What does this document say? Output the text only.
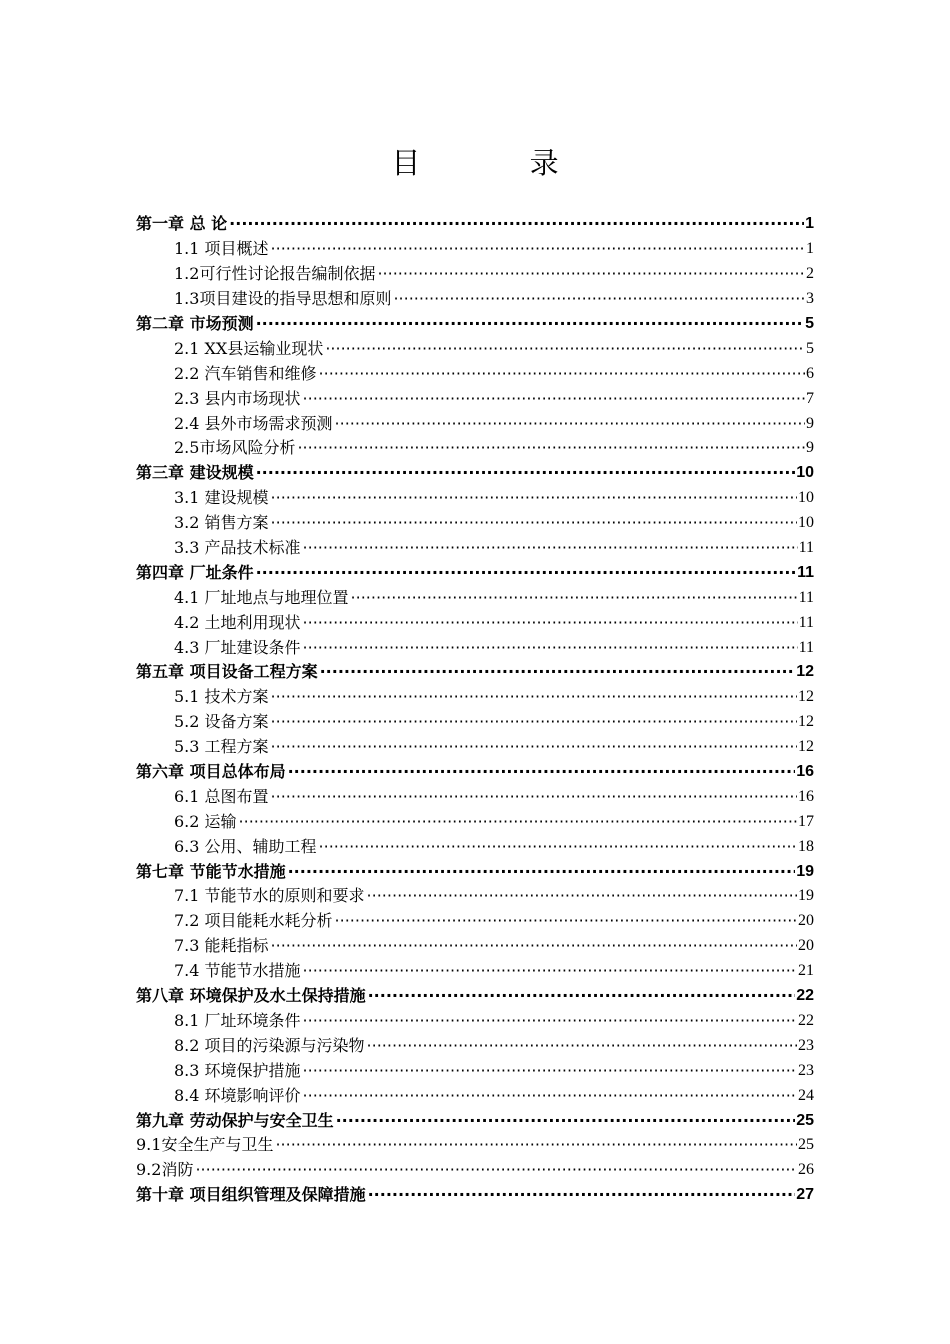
目 录
第一章 总 论 ·····	1
1.1 项目概述 ·····	1
1.2可行性讨论报告编制依据 ·····	2
1.3项目建设的指导思想和原则 ·····	3
第二章 市场预测 ·····	5
2.1 XX县运输业现状 ·····	5
2.2 汽车销售和维修 ·····	6
2.3 县内市场现状 ·····	7
2.4 县外市场需求预测 ·····	9
2.5市场风险分析 ·····	9
第三章 建设规模 ·····	10
3.1 建设规模 ·····	10
3.2 销售方案 ·····	10
3.3 产品技术标准 ·····	11
第四章 厂址条件 ·····	11
4.1 厂址地点与地理位置 ·····	11
4.2 土地利用现状 ·····	11
4.3 厂址建设条件 ·····	11
第五章 项目设备工程方案 ·····	12
5.1 技术方案 ·····	12
5.2 设备方案 ·····	12
5.3 工程方案 ·····	12
第六章 项目总体布局 ·····	16
6.1 总图布置 ·····	16
6.2 运输 ·····	17
6.3 公用、辅助工程 ·····	18
第七章 节能节水措施 ·····	19
7.1 节能节水的原则和要求 ·····	19
7.2 项目能耗水耗分析 ·····	20
7.3 能耗指标 ·····	20
7.4 节能节水措施 ·····	21
第八章 环境保护及水土保持措施 ·····	22
8.1 厂址环境条件 ·····	22
8.2 项目的污染源与污染物 ·····	23
8.3 环境保护措施 ·····	23
8.4 环境影响评价 ·····	24
第九章 劳动保护与安全卫生 ·····	25
9.1安全生产与卫生 ·····	25
9.2消防 ·····	26
第十章 项目组织管理及保障措施 ·····	27
